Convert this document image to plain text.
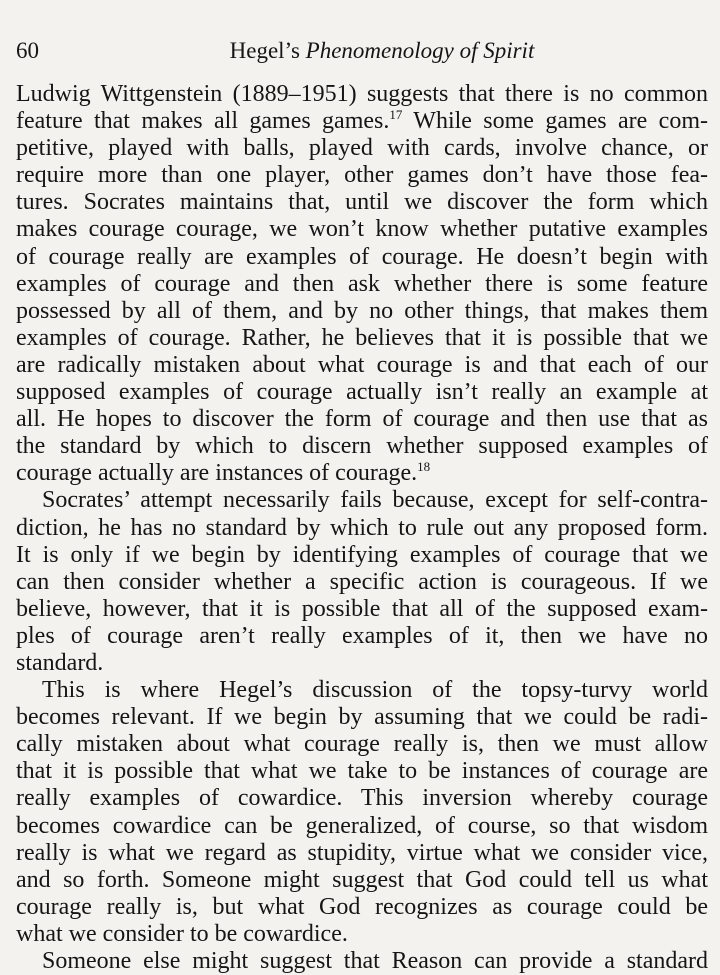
60	Hegel’s Phenomenology of Spirit
Ludwig Wittgenstein (1889–1951) suggests that there is no common
feature that makes all games games.$^{17}$ While some games are com-
petitive, played with balls, played with cards, involve chance, or
require more than one player, other games don’t have those fea-
tures. Socrates maintains that, until we discover the form which
makes courage courage, we won’t know whether putative examples
of courage really are examples of courage. He doesn’t begin with
examples of courage and then ask whether there is some feature
possessed by all of them, and by no other things, that makes them
examples of courage. Rather, he believes that it is possible that we
are radically mistaken about what courage is and that each of our
supposed examples of courage actually isn’t really an example at
all. He hopes to discover the form of courage and then use that as
the standard by which to discern whether supposed examples of
courage actually are instances of courage.$^{18}$
Socrates’ attempt necessarily fails because, except for self-contra-
diction, he has no standard by which to rule out any proposed form.
It is only if we begin by identifying examples of courage that we
can then consider whether a specific action is courageous. If we
believe, however, that it is possible that all of the supposed exam-
ples of courage aren’t really examples of it, then we have no
standard.
This is where Hegel’s discussion of the topsy-turvy world
becomes relevant. If we begin by assuming that we could be radi-
cally mistaken about what courage really is, then we must allow
that it is possible that what we take to be instances of courage are
really examples of cowardice. This inversion whereby courage
becomes cowardice can be generalized, of course, so that wisdom
really is what we regard as stupidity, virtue what we consider vice,
and so forth. Someone might suggest that God could tell us what
courage really is, but what God recognizes as courage could be
what we consider to be cowardice.
Someone else might suggest that Reason can provide a standard
